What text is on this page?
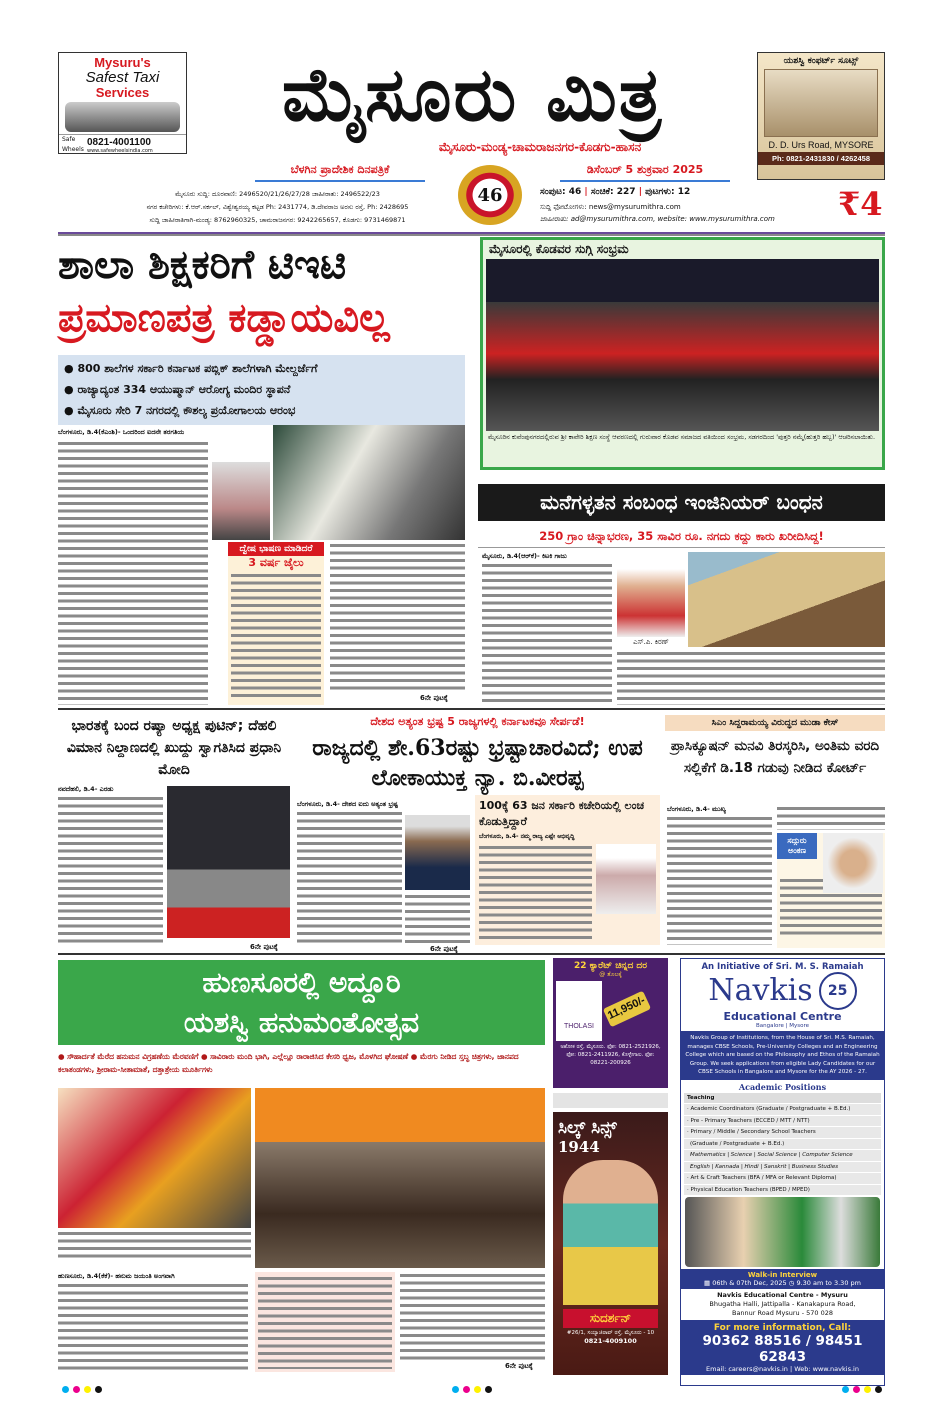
Mysuru's
Safest Taxi
Services
Safe Wheels
0821-4001100
www.safewheelsindia.com
ಮೈಸೂರು ಮಿತ್ರ
ಮೈಸೂರು-ಮಂಡ್ಯ-ಚಾಮರಾಜನಗರ-ಕೊಡಗು-ಹಾಸನ
ಬೆಳಗಿನ ಪ್ರಾದೇಶಿಕ ದಿನಪತ್ರಿಕೆ	ಡಿಸೆಂಬರ್ 5 ಶುಕ್ರವಾರ 2025
46
ಮೈಸೂರು ಸುದ್ದಿ: ದೂರವಾಣಿ: 2496520/21/26/27/28 ಜಾಹೀರಾತು: 2496522/23
ನಗರ ಕಚೇರಿಗಳು: ಕೆ.ಆರ್.ಸರ್ಕಲ್, ವಿಶ್ವೇಶ್ವರಯ್ಯ ಕಟ್ಟಡ Ph: 2431774, ಡಿ.ದೇವರಾಜ ಅರಸು ರಸ್ತೆ, Ph: 2428695
ಸುದ್ದಿ ಜಾಹೀರಾತಿಗಾಗಿ-ಮಂಡ್ಯ: 8762960325, ಚಾಮರಾಜನಗರ: 9242265657, ಕೊಡಗು: 9731469871
ಸಂಪುಟ: 46 | ಸಂಚಿಕೆ: 227 | ಪುಟಗಳು: 12
ಸುದ್ದಿ ಫೋಟೋಗಳು: news@mysurumithra.com
ಜಾಹೀರಾತು: ad@mysurumithra.com, website: www.mysurumithra.com ₹4
ಯಶಸ್ವಿ ಕಂಫರ್ಟ್ ಸೂಟ್ಸ್
D. D. Urs Road, MYSORE
Ph: 0821-2431830 / 4262458
ಶಾಲಾ ಶಿಕ್ಷಕರಿಗೆ ಟಿಇಟಿ
ಪ್ರಮಾಣಪತ್ರ ಕಡ್ಡಾಯವಿಲ್ಲ
● 800 ಶಾಲೆಗಳ ಸರ್ಕಾರಿ ಕರ್ನಾಟಕ ಪಬ್ಲಿಕ್ ಶಾಲೆಗಳಾಗಿ ಮೇಲ್ದರ್ಜೆಗೆ
● ರಾಜ್ಯಾದ್ಯಂತ 334 ಆಯುಷ್ಮಾನ್ ಆರೋಗ್ಯ ಮಂದಿರ ಸ್ಥಾಪನೆ
● ಮೈಸೂರು ಸೇರಿ 7 ನಗರದಲ್ಲಿ ಕೌಶಲ್ಯ ಪ್ರಯೋಗಾಲಯ ಆರಂಭ
ಬೆಂಗಳೂರು, ಡಿ.4(ಕೆಎಂಶಿ)- ಒಂದರಿಂದ ಐದನೇ ತರಗತಿಯ
ದ್ವೇಷ ಭಾಷಣ ಮಾಡಿದರೆ
3 ವರ್ಷ ಜೈಲು
6ನೇ ಪುಟಕ್ಕೆ
ಮೈಸೂರಲ್ಲಿ ಕೊಡವರ ಸುಗ್ಗಿ ಸಂಭ್ರಮ
ಮೈಸೂರಿನ ಕುವೆಂಪುನಗರದಲ್ಲಿರುವ ಶ್ರೀ ಕಾವೇರಿ ಶಿಕ್ಷಣ ಸಂಸ್ಥೆ ಆವರಣದಲ್ಲಿ ಗುರುವಾರ ಕೊಡವ ಸಮಾಜದ ವತಿಯಿಂದ ಸಂಭ್ರಮ, ಸಡಗರದಿಂದ 'ಪುತ್ತರಿ ನಮ್ಮೆ(ಹುತ್ತರಿ ಹಬ್ಬ)' ಆಚರಿಸಲಾಯಿತು.
ಮನೆಗಳ್ಳತನ ಸಂಬಂಧ ಇಂಜಿನಿಯರ್ ಬಂಧನ
250 ಗ್ರಾಂ ಚಿನ್ನಾಭರಣ, 35 ಸಾವಿರ ರೂ. ನಗದು ಕದ್ದು ಕಾರು ಖರೀದಿಸಿದ್ದ!
ಮೈಸೂರು, ಡಿ.4(ಆರ್‌ಕೆ)- ಕಿಟಕಿ ಗಾಜು
ಎಸ್.ಪಿ. ಕಿರಣ್
ಭಾರತಕ್ಕೆ ಬಂದ ರಷ್ಯಾ ಅಧ್ಯಕ್ಷ ಪುಟಿನ್; ದೆಹಲಿ ವಿಮಾನ ನಿಲ್ದಾಣದಲ್ಲಿ ಖುದ್ದು ಸ್ವಾಗತಿಸಿದ ಪ್ರಧಾನಿ ಮೋದಿ
ನವದೆಹಲಿ, ಡಿ.4- ಎರಡು
6ನೇ ಪುಟಕ್ಕೆ
ದೇಶದ ಅತ್ಯಂತ ಭ್ರಷ್ಟ 5 ರಾಜ್ಯಗಳಲ್ಲಿ ಕರ್ನಾಟಕವೂ ಸೇರ್ಪಡೆ!
ರಾಜ್ಯದಲ್ಲಿ ಶೇ.63ರಷ್ಟು ಭ್ರಷ್ಟಾಚಾರವಿದೆ; ಉಪ ಲೋಕಾಯುಕ್ತ ನ್ಯಾ. ಬಿ.ವೀರಪ್ಪ
ಬೆಂಗಳೂರು, ಡಿ.4- ದೇಶದ ಐದು ಅತ್ಯಂತ ಭ್ರಷ್ಟ	100ಕ್ಕೆ 63 ಜನ ಸರ್ಕಾರಿ ಕಚೇರಿಯಲ್ಲಿ ಲಂಚ ಕೊಡುತ್ತಿದ್ದಾರೆ
ಬೆಂಗಳೂರು, ಡಿ.4- ನಮ್ಮ ರಾಜ್ಯ ಎಷ್ಟೇ ಅಭಿವೃದ್ಧಿ
6ನೇ ಪುಟಕ್ಕೆ
ಸಿಎಂ ಸಿದ್ದರಾಮಯ್ಯ ವಿರುದ್ಧದ ಮುಡಾ ಕೇಸ್
ಪ್ರಾಸಿಕ್ಯೂಷನ್ ಮನವಿ ತಿರಸ್ಕರಿಸಿ, ಅಂತಿಮ ವರದಿ ಸಲ್ಲಿಕೆಗೆ ಡಿ.18 ಗಡುವು ನೀಡಿದ ಕೋರ್ಟ್
ಬೆಂಗಳೂರು, ಡಿ.4- ಮುಖ್ಯ
ಸದ್ಗುರು ಅಂಕಣ
ಹುಣಸೂರಲ್ಲಿ ಅದ್ದೂರಿ
ಯಶಸ್ವಿ ಹನುಮಂತೋತ್ಸವ
● ಸೌಹಾರ್ದತೆ ಮೆರೆದ ಹನುಮನ ವಿಗ್ರಹಣೆಯ ಮೆರವಣಿಗೆ ● ಸಾವಿರಾರು ಮಂದಿ ಭಾಗಿ, ಎಲ್ಲೆಲ್ಲೂ ರಾರಾಜಿಸಿದ ಕೇಸರಿ ಧ್ವಜ, ಮೊಳಗಿದ ಘೋಷಣೆ ● ಮೆರಗು ನೀಡಿದ ಸ್ತಬ್ಧ ಚಿತ್ರಗಳು, ಜಾನಪದ ಕಲಾತಂಡಗಳು, ಶ್ರೀರಾಮ-ಸೀತಾಮಾತೆ, ದತ್ತಾತ್ರೇಯ ಮೂರ್ತಿಗಳು
ಹುಣಸೂರು, ಡಿ.4(ಕೆಕೆ)- ಹನುಮ ಜಯಂತಿ ಅಂಗವಾಗಿ
6ನೇ ಪುಟಕ್ಕೆ
22 ಕ್ಯಾರೆಟ್ ಚಿನ್ನದ ದರ
@ ತೊಲಕ್ಕೆ
THOLASI
11,950/-
ಅಶೋಕ ರಸ್ತೆ, ಮೈಸೂರು. ಫೋ: 0821-2521926, ಫೋ: 0821-2411926, ಕೊಳ್ಳೇಗಾಲ. ಫೋ: 08221-200926
ಸಿಲ್ಕ್ ಸಿನ್ಸ್
1944
ಸುದರ್ಶನ್
#26/1, ಸಯ್ಯಾಜಿರಾವ್ ರಸ್ತೆ, ಮೈಸೂರು - 10
0821-4009100
An Initiative of Sri. M. S. Ramaiah
Navkis	25
Educational Centre
Bangalore | Mysore
Navkis Group of Institutions, from the House of Sri. M.S. Ramaiah, manages CBSE Schools, Pre-University Colleges and an Engineering College which are based on the Philosophy and Ethos of the Ramaiah Group. We seek applications from eligible Lady Candidates for our CBSE Schools in Bangalore and Mysore for the AY 2026 - 27.
Academic Positions
Teaching
· Academic Coordinators (Graduate / Postgraduate + B.Ed.)
· Pre - Primary Teachers (ECCED / MTT / NTT)
· Primary / Middle / Secondary School Teachers
(Graduate / Postgraduate + B.Ed.)
Mathematics | Science | Social Science | Computer Science
English | Kannada | Hindi | Sanskrit | Business Studies
· Art & Craft Teachers (BFA / MFA or Relevant Diploma)
· Physical Education Teachers (BPED / MPED)
Walk-in Interview
▦ 06th & 07th Dec, 2025 ◷ 9.30 am to 3.30 pm
Navkis Educational Centre - Mysuru
Bhugatha Halli, Jattipalla - Kanakapura Road,
Bannur Road Mysuru - 570 028
For more information, Call:
90362 88516 / 98451 62843
Email: careers@navkis.in | Web: www.navkis.in
